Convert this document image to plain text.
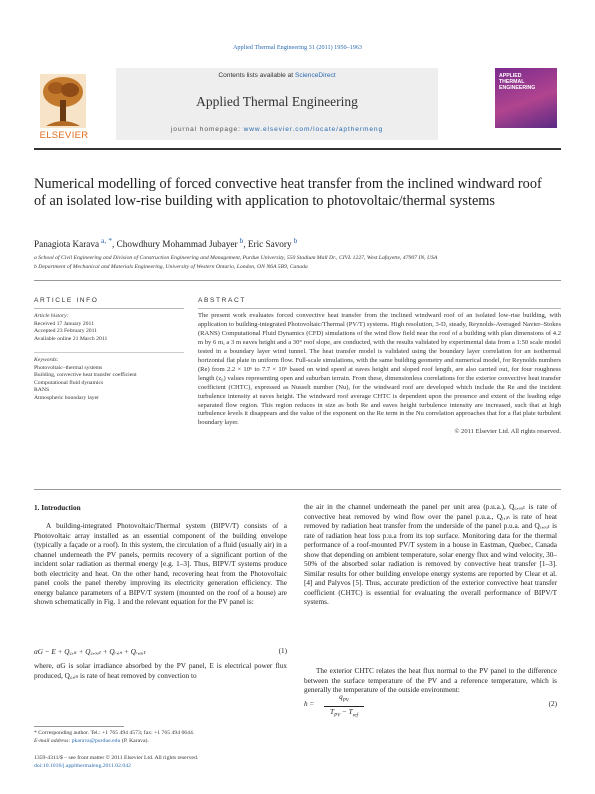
Applied Thermal Engineering 31 (2011) 1950–1963
ELSEVIER
Contents lists available at ScienceDirect
Applied Thermal Engineering
journal homepage: www.elsevier.com/locate/apthermeng
APPLIED
THERMAL
ENGINEERING
Numerical modelling of forced convective heat transfer from the inclined windward roof of an isolated low-rise building with application to photovoltaic/thermal systems
Panagiota Karava $^{a, *}$, Chowdhury Mohammad Jubayer $^b$, Eric Savory $^b$
a School of Civil Engineering and Division of Construction Engineering and Management, Purdue University, 550 Stadium Mall Dr., CIVL 1227, West Lafayette, 47907 IN, USA
b Department of Mechanical and Materials Engineering, University of Western Ontario, London, ON N6A 5B9, Canada
ARTICLE INFO	ABSTRACT
Article history:
Received 17 January 2011
Accepted 23 February 2011
Available online 21 March 2011
Keywords:
Photovoltaic–thermal systems
Building, convective heat transfer coefficient
Computational fluid dynamics
RANS
Atmospheric boundary layer

The present work evaluates forced convective heat transfer from the inclined windward roof of an isolated low-rise building, with application to building-integrated Photovoltaic/Thermal (PV/T) systems. High resolution, 3-D, steady, Reynolds-Averaged Navier–Stokes (RANS) Computational Fluid Dynamics (CFD) simulations of the wind flow field near the roof of a building with plan dimensions of 4.2 m by 6 m, a 3 m eaves height and a 30° roof slope, are conducted, with the results validated by experimental data from a 1:50 scale model tested in a boundary layer wind tunnel. The heat transfer model is validated using the boundary layer correlation for an isothermal horizontal flat plate in uniform flow. Full-scale simulations, with the same building geometry and numerical model, for Reynolds numbers (Re) from 2.2 × 10⁶ to 7.7 × 10⁶ based on wind speed at eaves height and sloped roof length, are also carried out, for four roughness length (z₀) values representing open and suburban terrain. From these, dimensionless correlations for the exterior convective heat transfer coefficient (CHTC), expressed as Nusselt number (Nu), for the windward roof are developed which include the Re and the incident turbulence intensity at eaves height. The windward roof average CHTC is dependent upon the presence and extent of the leading edge separated flow region. This region reduces in size as both Re and eaves height turbulence intensity are increased, such that at high turbulence levels it disappears and the value of the exponent on the Re term in the Nu correlation approaches that for a flat plate turbulent boundary layer.

© 2011 Elsevier Ltd. All rights reserved.

1. Introduction

A building-integrated Photovoltaic/Thermal system (BIPV/T) consists of a Photovoltaic array installed as an essential component of the building envelope (typically a façade or a roof). In this system, the circulation of a fluid (usually air) in a channel underneath the PV panels, permits recovery of a significant portion of the incident solar radiation as thermal energy [e.g. 1–3]. Thus, BIPV/T systems produce both electricity and heat. On the other hand, recovering heat from the Photovoltaic panel cools the panel thereby improving its electricity generation efficiency. The energy balance parameters of a BIPV/T system (mounted on the roof of a house) are shown schematically in Fig. 1 and the relevant equation for the PV panel is:

αG − E + Q꜀,ₖ + Q꜀,ₒᵤₜ + Qᵣ,ᵢₙ + Qᵣ,ₒᵤₜ	(1)

where, αG is solar irradiance absorbed by the PV panel, E is electrical power flux produced, Q꜀,ᵢₙ is rate of heat removed by convection to

the air in the channel underneath the panel per unit area (p.u.a.), Q꜀,ₒᵤₜ is rate of convective heat removed by wind flow over the panel p.u.a., Qᵣ,ᵢₙ is rate of heat removed by radiation heat transfer from the underside of the panel p.u.a. and Qᵣ,ₒᵤₜ is rate of radiation heat loss p.u.a from its top surface. Monitoring data for the thermal performance of a roof-mounted PV/T system in a house in Eastman, Quebec, Canada show that depending on ambient temperature, solar energy flux and wind velocity, 30–50% of the absorbed solar radiation is removed by convective heat transfer [1–3]. Similar results for other building envelope energy systems are reported by Clear et al. [4] and Palyvos [5]. Thus, accurate prediction of the exterior convective heat transfer coefficient (CHTC) is essential for evaluating the overall performance of BIPV/T systems.

The exterior CHTC relates the heat flux normal to the PV panel to the difference between the surface temperature of the PV and a reference temperature, which is generally the temperature of the outside environment:

h =
$q_{PV}$
$T_{PV} - T_{ref}$
(2)
* Corresponding author. Tel.: +1 765 494 4573; fax: +1 765 494 0644.
E-mail address: pkarava@purdue.edu (P. Karava).
1359-4311/$ – see front matter © 2011 Elsevier Ltd. All rights reserved.
doi:10.1016/j.applthermaleng.2011.02.042
